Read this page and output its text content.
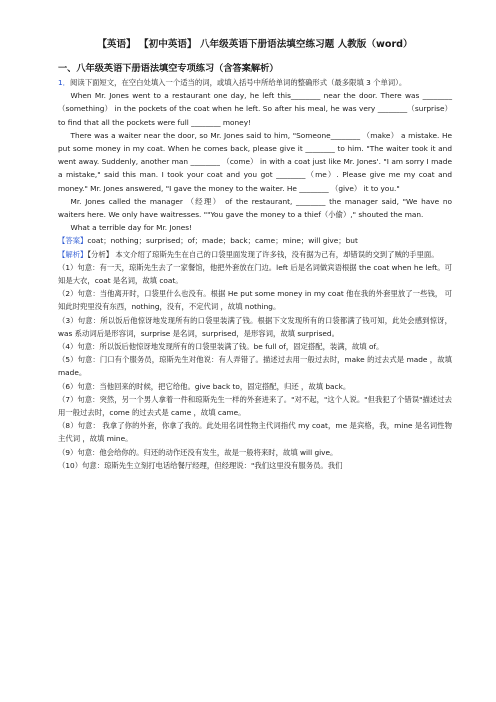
【英语】 【初中英语】 八年级英语下册语法填空练习题 人教版（word）
一、八年级英语下册语法填空专项练习（含答案解析）

1．阅读下面短文，在空白处填入一个适当的词，或填入括号中所给单词的整确形式（最多限填 3 个单词）。

When Mr. Jones went to a restaurant one day, he left this________ near the door. There was ________（something） in the pockets of the coat when he left. So after his meal, he was very ________（surprise） to find that all the pockets were full ________ money!

There was a waiter near the door, so Mr. Jones said to him, "Someone________ （make） a mistake. He put some money in my coat. When he comes back, please give it ________ to him. "The waiter took it and went away. Suddenly, another man ________ （come） in with a coat just like Mr. Jones'. "I am sorry I made a mistake," said this man. I took your coat and you got ________（me）. Please give me my coat and money." Mr. Jones answered, "I gave the money to the waiter. He ________ （give） it to you."

Mr. Jones called the manager （经理） of the restaurant, ________ the manager said, "We have no waiters here. We only have waitresses. ""You gave the money to a thief（小偷）," shouted the man.

What a terrible day for Mr. Jones!

【答案】coat；nothing；surprised；of；made；back；came；mine；will give；but

【解析】【分析】 本文介绍了琼斯先生在自己的口袋里面发现了许多钱，没有据为己有，却错误的交到了贼的手里面。

（1）句意：有一天，琼斯先生去了一家餐馆，他把外套放在门边。left 后是名词做宾语根据 the coat when he left。可知是大衣，coat 是名词，故填 coat。

（2）句意：当他离开时，口袋里什么也没有。根据 He put some money in my coat 他在我的外套里放了一些钱， 可知此时兜里没有东西，nothing，没有，不定代词 ，故填 nothing。

（3）句意：所以饭后他惊讶地发现所有的口袋里装满了钱。根据下文发现所有的口袋都满了钱可知，此处会感到惊讶，was 系动词后是形容词，surprise 是名词，surprised，是形容词，故填 surprised。

（4）句意：所以饭后他惊讶地发现所有的口袋里装满了钱。be full of，固定搭配，装满，故填 of。

（5）句意：门口有个服务员，琼斯先生对他说：有人弄错了。描述过去用一般过去时，make 的过去式是 made ，故填 made。

（6）句意：当他回来的时候，把它给他。give back to，固定搭配，归还 ，故填 back。

（7）句意：突然，另一个男人拿着一件和琼斯先生一样的外套进来了。"对不起，"这个人说。"但我犯了个错误"描述过去用一般过去时，come 的过去式是 came ，故填 came。

（8）句意： 我拿了你的外套，你拿了我的。此处用名词性物主代词指代 my coat，me 是宾格，我，mine 是名词性物主代词 ，故填 mine。

（9）句意：他会给你的。归还的动作还没有发生，故是一般将来时，故填 will give。

（10）句意：琼斯先生立刻打电话给餐厅经理，但经理说："我们这里没有服务员。我们
